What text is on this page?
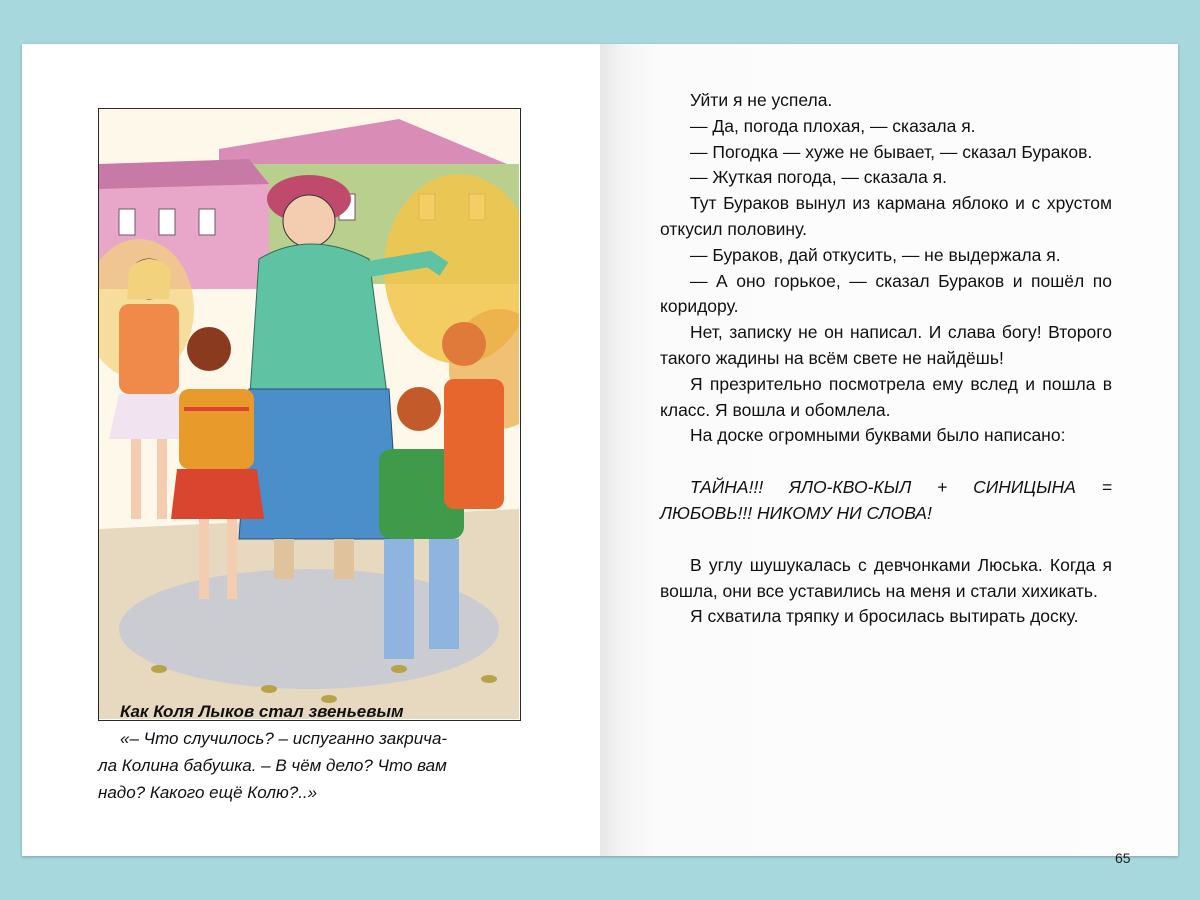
Как Коля Лыков стал звеньевым
«– Что случилось? – испуганно закрича-
ла Колина бабушка. – В чём дело? Что вам
надо? Какого ещё Колю?..»

Уйти я не успела.

— Да, погода плохая, — сказала я.

— Погодка — хуже не бывает, — сказал Бураков.

— Жуткая погода, — сказала я.

Тут Бураков вынул из кармана яблоко и с хрустом откусил половину.

— Бураков, дай откусить, — не выдержала я.

— А оно горькое, — сказал Бураков и пошёл по коридору.

Нет, записку не он написал. И слава богу! Второго такого жадины на всём свете не найдёшь!

Я презрительно посмотрела ему вслед и пошла в класс. Я вошла и обомлела.

На доске огромными буквами было написано:

ТАЙНА!!! ЯЛО-КВО-КЫЛ + СИНИЦЫНА = ЛЮБОВЬ!!! НИКОМУ НИ СЛОВА!

В углу шушукалась с девчонками Люська. Когда я вошла, они все уставились на меня и стали хихикать.

Я схватила тряпку и бросилась вытирать доску.

65
